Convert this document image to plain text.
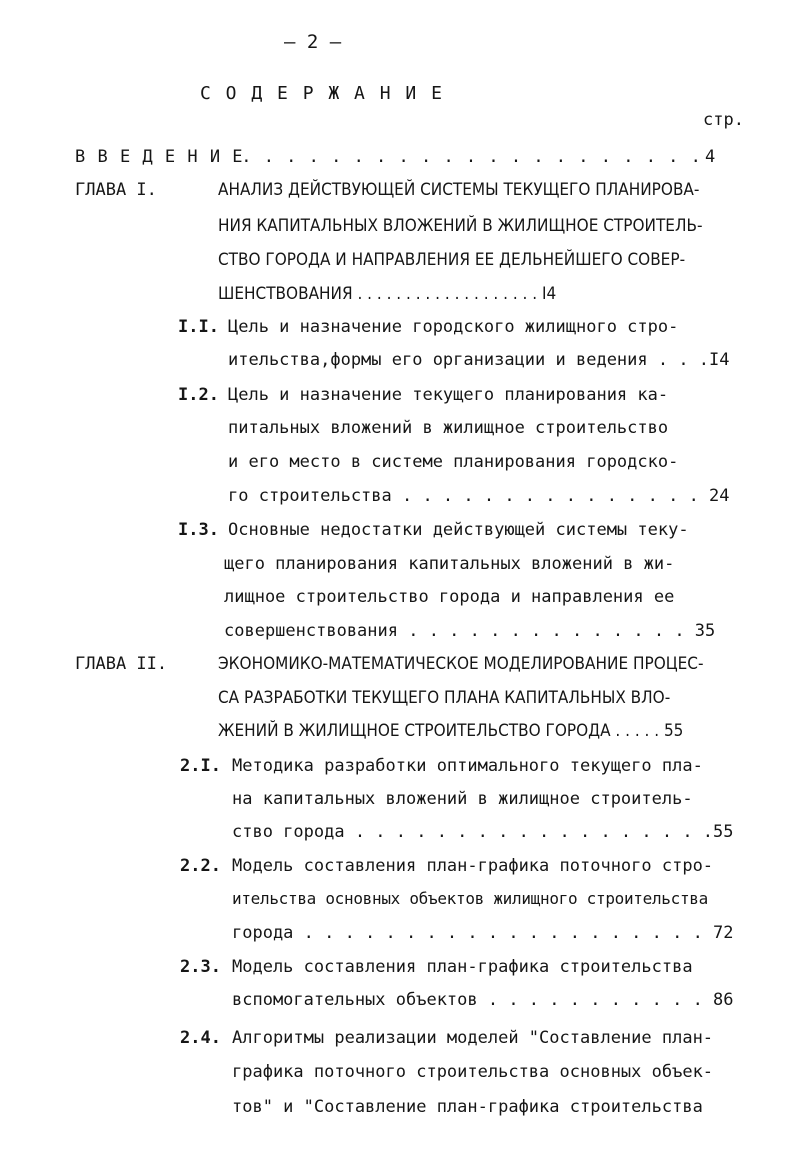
– 2 –

С О Д Е Р Ж А Н И Е

стр.

В В Е Д Е Н И Е

. . . . . . . . . . . . . . . . . . . . . 4

ГЛАВА I.	АНАЛИЗ ДЕЙСТВУЮЩЕЙ СИСТЕМЫ ТЕКУЩЕГО ПЛАНИРОВА-

НИЯ КАПИТАЛЬНЫХ ВЛОЖЕНИЙ В ЖИЛИЩНОЕ СТРОИТЕЛЬ-

СТВО ГОРОДА И НАПРАВЛЕНИЯ ЕЕ ДЕЛЬНЕЙШЕГО СОВЕР-

ШЕНСТВОВАНИЯ . . . . . . . . . . . . . . . . . . . I4

I.I. Цель и назначение городского жилищного стро-

ительства,формы его организации и ведения . . .I4

I.2. Цель и назначение текущего планирования ка-

питальных вложений в жилищное строительство

и его место в системе планирования городско-

го строительства . . . . . . . . . . . . . . . 24

I.3. Основные недостатки действующей системы теку-

щего планирования капитальных вложений в жи-

лищное строительство города и направления ее

совершенствования . . . . . . . . . . . . . . 35

ГЛАВА II.	ЭКОНОМИКО-МАТЕМАТИЧЕСКОЕ МОДЕЛИРОВАНИЕ ПРОЦЕС-

СА РАЗРАБОТКИ ТЕКУЩЕГО ПЛАНА КАПИТАЛЬНЫХ ВЛО-

ЖЕНИЙ В ЖИЛИЩНОЕ СТРОИТЕЛЬСТВО ГОРОДА . . . . . 55

2.I. Методика разработки оптимального текущего пла-

на капитальных вложений в жилищное строитель-

ство города . . . . . . . . . . . . . . . . . .55

2.2. Модель составления план-графика поточного стро-

ительства основных объектов жилищного строительства

города . . . . . . . . . . . . . . . . . . . . 72

2.3. Модель составления план-графика строительства

вспомогательных объектов . . . . . . . . . . . 86

2.4. Алгоритмы реализации моделей "Составление план-

графика поточного строительства основных объек-

тов" и "Составление план-графика строительства
